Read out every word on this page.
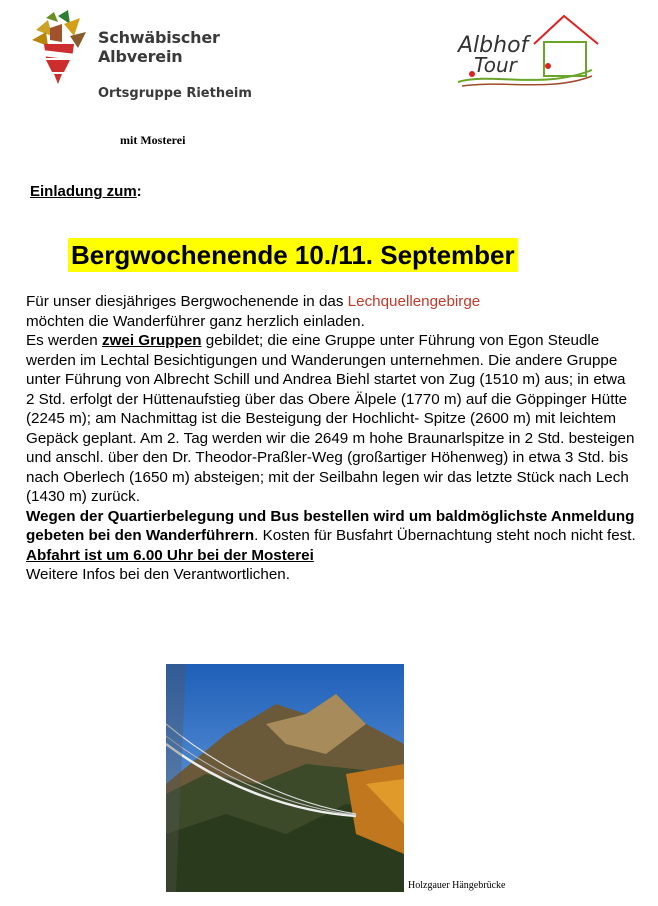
Schwäbischer
Albverein
Ortsgruppe Rietheim
Albhof
Tour
mit Mosterei
Einladung zum:
Bergwochenende 10./11. September

Für unser diesjähriges Bergwochenende in das Lechquellengebirge
möchten die Wanderführer ganz herzlich einladen.

Es werden zwei Gruppen gebildet; die eine Gruppe unter Führung von Egon Steudle werden im Lechtal Besichtigungen und Wanderungen unternehmen. Die andere Gruppe unter Führung von Albrecht Schill und Andrea Biehl startet von Zug (1510 m) aus; in etwa 2 Std. erfolgt der Hüttenaufstieg über das Obere Älpele (1770 m) auf die Göppinger Hütte (2245 m); am Nachmittag ist die Besteigung der Hochlicht- Spitze (2600 m) mit leichtem Gepäck geplant. Am 2. Tag werden wir die 2649 m hohe Braunarlspitze in 2 Std. besteigen und anschl. über den Dr. Theodor-Praßler-Weg (großartiger Höhenweg) in etwa 3 Std. bis nach Oberlech (1650 m) absteigen; mit der Seilbahn legen wir das letzte Stück nach Lech (1430 m) zurück.

Wegen der Quartierbelegung und Bus bestellen wird um baldmöglichste Anmeldung gebeten bei den Wanderführern. Kosten für Busfahrt Übernachtung steht noch nicht fest.

Abfahrt ist um 6.00 Uhr bei der Mosterei

Weitere Infos bei den Verantwortlichen.

Holzgauer Hängebrücke
